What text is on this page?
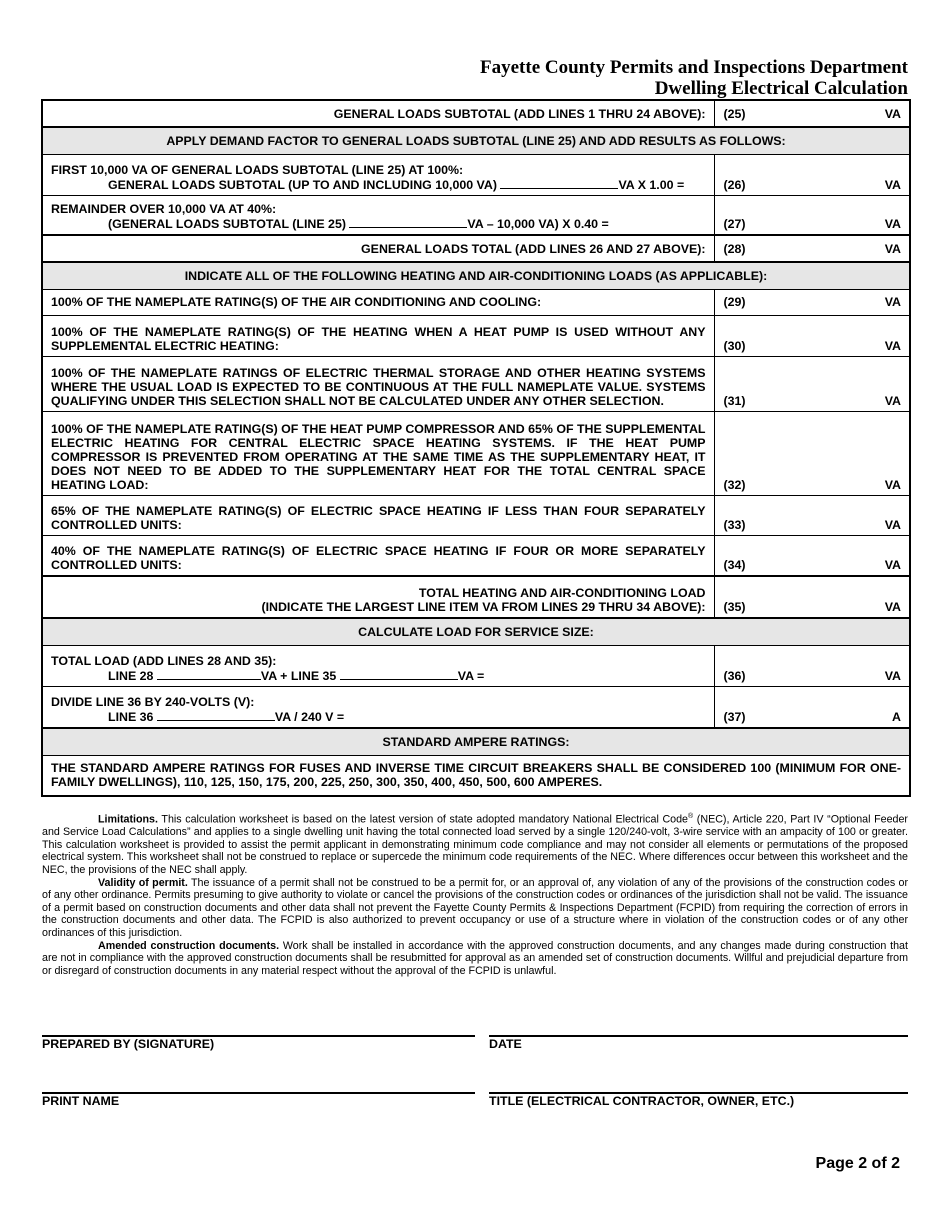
Fayette County Permits and Inspections Department
Dwelling Electrical Calculation
GENERAL LOADS SUBTOTAL (ADD LINES 1 THRU 24 ABOVE):	(25) VA

APPLY DEMAND FACTOR TO GENERAL LOADS SUBTOTAL (LINE 25) AND ADD RESULTS AS FOLLOWS:	
FIRST 10,000 VA OF GENERAL LOADS SUBTOTAL (LINE 25) AT 100%:
GENERAL LOADS SUBTOTAL (UP TO AND INCLUDING 10,000 VA) VA X 1.00 =	(26) VA

REMAINDER OVER 10,000 VA AT 40%:
(GENERAL LOADS SUBTOTAL (LINE 25) VA – 10,000 VA) X 0.40 =	(27) VA

GENERAL LOADS TOTAL (ADD LINES 26 AND 27 ABOVE):	(28) VA

INDICATE ALL OF THE FOLLOWING HEATING AND AIR-CONDITIONING LOADS (AS APPLICABLE):	
100% OF THE NAMEPLATE RATING(S) OF THE AIR CONDITIONING AND COOLING:	(29) VA

100% OF THE NAMEPLATE RATING(S) OF THE HEATING WHEN A HEAT PUMP IS USED WITHOUT ANY SUPPLEMENTAL ELECTRIC HEATING:	(30) VA

100% OF THE NAMEPLATE RATINGS OF ELECTRIC THERMAL STORAGE AND OTHER HEATING SYSTEMS WHERE THE USUAL LOAD IS EXPECTED TO BE CONTINUOUS AT THE FULL NAMEPLATE VALUE. SYSTEMS QUALIFYING UNDER THIS SELECTION SHALL NOT BE CALCULATED UNDER ANY OTHER SELECTION.	(31) VA

100% OF THE NAMEPLATE RATING(S) OF THE HEAT PUMP COMPRESSOR AND 65% OF THE SUPPLEMENTAL ELECTRIC HEATING FOR CENTRAL ELECTRIC SPACE HEATING SYSTEMS. IF THE HEAT PUMP COMPRESSOR IS PREVENTED FROM OPERATING AT THE SAME TIME AS THE SUPPLEMENTARY HEAT, IT DOES NOT NEED TO BE ADDED TO THE SUPPLEMENTARY HEAT FOR THE TOTAL CENTRAL SPACE HEATING LOAD:	(32) VA

65% OF THE NAMEPLATE RATING(S) OF ELECTRIC SPACE HEATING IF LESS THAN FOUR SEPARATELY CONTROLLED UNITS:	(33) VA

40% OF THE NAMEPLATE RATING(S) OF ELECTRIC SPACE HEATING IF FOUR OR MORE SEPARATELY CONTROLLED UNITS:	(34) VA

TOTAL HEATING AND AIR-CONDITIONING LOAD
(INDICATE THE LARGEST LINE ITEM VA FROM LINES 29 THRU 34 ABOVE):	(35) VA

CALCULATE LOAD FOR SERVICE SIZE:	
TOTAL LOAD (ADD LINES 28 AND 35):
LINE 28 VA + LINE 35 VA =	(36) VA

DIVIDE LINE 36 BY 240-VOLTS (V):
LINE 36 VA / 240 V =	(37) A

STANDARD AMPERE RATINGS:	
THE STANDARD AMPERE RATINGS FOR FUSES AND INVERSE TIME CIRCUIT BREAKERS SHALL BE CONSIDERED 100 (MINIMUM FOR ONE-FAMILY DWELLINGS), 110, 125, 150, 175, 200, 225, 250, 300, 350, 400, 450, 500, 600 AMPERES.	

Limitations. This calculation worksheet is based on the latest version of state adopted mandatory National Electrical Code® (NEC), Article 220, Part IV “Optional Feeder and Service Load Calculations” and applies to a single dwelling unit having the total connected load served by a single 120/240-volt, 3-wire service with an ampacity of 100 or greater. This calculation worksheet is provided to assist the permit applicant in demonstrating minimum code compliance and may not consider all elements or permutations of the proposed electrical system. This worksheet shall not be construed to replace or supercede the minimum code requirements of the NEC. Where differences occur between this worksheet and the NEC, the provisions of the NEC shall apply.

Validity of permit. The issuance of a permit shall not be construed to be a permit for, or an approval of, any violation of any of the provisions of the construction codes or of any other ordinance. Permits presuming to give authority to violate or cancel the provisions of the construction codes or ordinances of the jurisdiction shall not be valid. The issuance of a permit based on construction documents and other data shall not prevent the Fayette County Permits & Inspections Department (FCPID) from requiring the correction of errors in the construction documents and other data. The FCPID is also authorized to prevent occupancy or use of a structure where in violation of the construction codes or of any other ordinances of this jurisdiction.

Amended construction documents. Work shall be installed in accordance with the approved construction documents, and any changes made during construction that are not in compliance with the approved construction documents shall be resubmitted for approval as an amended set of construction documents. Willful and prejudicial departure from or disregard of construction documents in any material respect without the approval of the FCPID is unlawful.

PREPARED BY (SIGNATURE)	DATE
PRINT NAME	TITLE (ELECTRICAL CONTRACTOR, OWNER, ETC.)
Page 2 of 2
